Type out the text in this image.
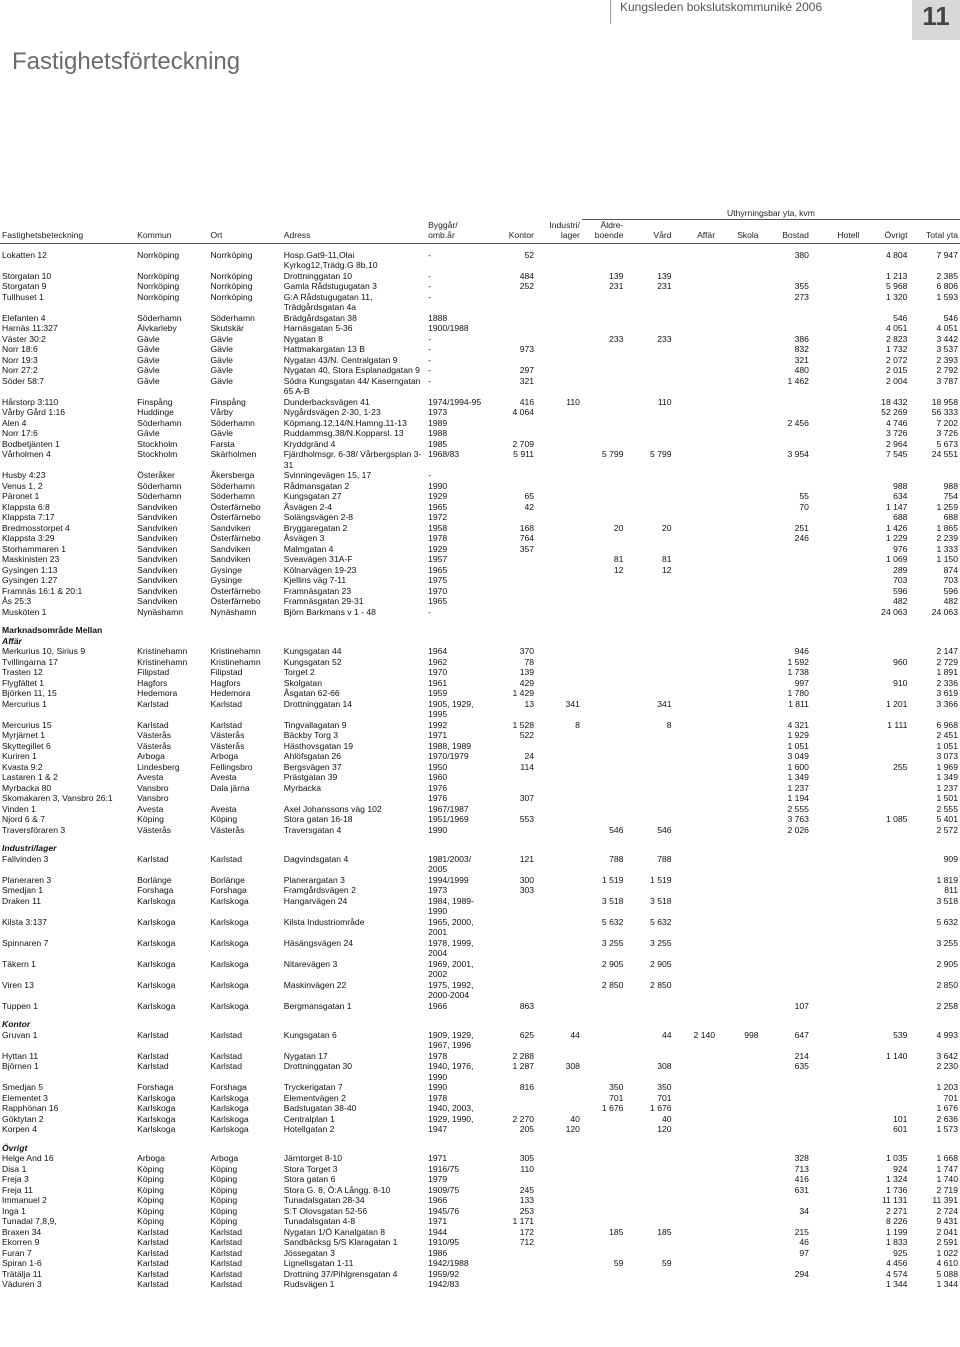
Kungsleden bokslutskommuniké 2006	11
Fastighetsförteckning
							Uthyrningsbar yta, kvm							
Fastighetsbeteckning	Kommun	Ort	Adress	Byggår/ omb.år	Kontor	Industri/ lager	Äldre- boende	Vård	Affär	Skola	Bostad	Hotell	Övrigt	Total yta
Lokatten 12	Norrköping	Norrköping	Hosp.Gat9-11,Olai Kyrkog12,Trädg.G 8b,10	-	52						380		4 804	7 947
Storgatan 10	Norrköping	Norrköping	Drottninggatan 10	-	484		139	139					1 213	2 385
Storgatan 9	Norrköping	Norrköping	Gamla Rådstugugatan 3	-	252		231	231			355		5 968	6 806
Tullhuset 1	Norrköping	Norrköping	G:A Rådstugugatan 11, Trädgårdsgatan 4a	-							273		1 320	1 593
Elefanten 4	Söderhamn	Söderhamn	Brädgårdsgatan 38	1888									546	546
Harnäs 11:327	Älvkarleby	Skutskär	Harnäsgatan 5-36	1900/1988									4 051	4 051
Väster 30:2	Gävle	Gävle	Nygatan 8	-			233	233			386		2 823	3 442
Norr 18:6	Gävle	Gävle	Hattmakargatan 13 B	-	973						832		1 732	3 537
Norr 19:3	Gävle	Gävle	Nygatan 43/N. Centralgatan 9	-							321		2 072	2 393
Norr 27:2	Gävle	Gävle	Nygatan 40, Stora Esplanadgatan 9	-	297						480		2 015	2 792
Söder 58:7	Gävle	Gävle	Södra Kungsgatan 44/ Kaserngatan 65 A-B	-	321						1 462		2 004	3 787
Hårstorp 3:110	Finspång	Finspång	Dunderbacksvägen 41	1974/1994-95	416	110		110					18 432	18 958
Vårby Gård 1:16	Huddinge	Vårby	Nygårdsvägen 2-30, 1-23	1973	4 064								52 269	56 333
Alen 4	Söderhamn	Söderhamn	Köpmang.12,14/N.Hamng.11-13	1989							2 456		4 746	7 202
Norr 17:6	Gävle	Gävle	Ruddammsg.38/N.Kopparsl. 13	1988									3 726	3 726
Bodbetjänten 1	Stockholm	Farsta	Kryddgränd 4	1985	2 709								2 964	5 673
Vårholmen 4	Stockholm	Skärholmen	Fjärdholmsgr. 6-38/ Vårbergsplan 3-31	1968/83	5 911		5 799	5 799			3 954		7 545	24 551
Husby 4:23	Österåker	Åkersberga	Svinningevägen 15, 17	-										
Venus 1, 2	Söderhamn	Söderhamn	Rådmansgatan 2	1990									988	988
Päronet 1	Söderhamn	Söderhamn	Kungsgatan 27	1929	65						55		634	754
Klappsta 6:8	Sandviken	Österfärnebo	Åsvägen 2-4	1965	42						70		1 147	1 259
Klappsta 7:17	Sandviken	Österfärnebo	Solängsvägen 2-8	1972									688	688
Bredmosstorpet 4	Sandviken	Sandviken	Bryggaregatan 2	1958	168		20	20			251		1 426	1 865
Klappsta 3:29	Sandviken	Österfärnebo	Åsvägen 3	1978	764						246		1 229	2 239
Storhammaren 1	Sandviken	Sandviken	Malmgatan 4	1929	357								976	1 333
Maskinisten 23	Sandviken	Sandviken	Sveavägen 31A-F	1957			81	81					1 069	1 150
Gysingen 1:13	Sandviken	Gysinge	Kölnarvägen 19-23	1965			12	12					289	874
Gysingen 1:27	Sandviken	Gysinge	Kjellins väg 7-11	1975									703	703
Framnäs 16:1 & 20:1	Sandviken	Österfärnebo	Framnäsgatan 23	1970									596	596
Ås 25:3	Sandviken	Österfärnebo	Framnäsgatan 29-31	1965									482	482
Musköten 1	Nynäshamn	Nynäshamn	Björn Barkmans v 1 - 48	-									24 063	24 063
Marknadsområde Mellan														
Affär														
Merkurius 10, Sirius 9	Kristinehamn	Kristinehamn	Kungsgatan 44	1964	370						946			2 147
Tvillingarna 17	Kristinehamn	Kristinehamn	Kungsgatan 52	1962	78						1 592		960	2 729
Trasten 12	Filipstad	Filipstad	Torget 2	1970	139						1 738			1 891
Flygfältet 1	Hagfors	Hagfors	Skolgatan	1961	429						997		910	2 336
Björken 11, 15	Hedemora	Hedemora	Åsgatan 62-66	1959	1 429						1 780			3 619
Mercurius 1	Karlstad	Karlstad	Drottninggatan 14	1905, 1929, 1995	13	341		341			1 811		1 201	3 366
Mercurius 15	Karlstad	Karlstad	Tingvallagatan 9	1992	1 528	8		8			4 321		1 111	6 968
Myrjärnet 1	Västerås	Västerås	Bäckby Torg 3	1971	522						1 929			2 451
Skyttegillet 6	Västerås	Västerås	Hästhovsgatan 19	1988, 1989							1 051			1 051
Kuriren 1	Arboga	Arboga	Ahlöfsgatan 26	1970/1979	24						3 049			3 073
Kvasta 9:2	Lindesberg	Fellingsbro	Bergsvägen 37	1950	114						1 600		255	1 969
Lastaren 1 & 2	Avesta	Avesta	Prästgatan 39	1960							1 349			1 349
Myrbacka 80	Vansbro	Dala järna	Myrbacka	1976							1 237			1 237
Skomakaren 3, Vansbro 26:1	Vansbro			1976	307						1 194			1 501
Vinden 1	Avesta	Avesta	Axel Johanssons väg 102	1967/1987							2 555			2 555
Njord 6 & 7	Köping	Köping	Stora gatan 16-18	1951/1969	553						3 763		1 085	5 401
Traversföraren 3	Västerås	Västerås	Traversgatan 4	1990			546	546			2 026			2 572

Industri/lager														
Fallvinden 3	Karlstad	Karlstad	Dagvindsgatan 4	1981/2003/ 2005	121		788	788						909
Planeraren 3	Borlänge	Borlänge	Planerargatan 3	1994/1999	300		1 519	1 519						1 819
Smedjan 1	Forshaga	Forshaga	Framgårdsvägen 2	1973	303									811
Draken 11	Karlskoga	Karlskoga	Hangarvägen 24	1984, 1989-1990			3 518	3 518						3 518
Kilsta 3:137	Karlskoga	Karlskoga	Kilsta Industriområde	1965, 2000, 2001			5 632	5 632						5 632
Spinnaren 7	Karlskoga	Karlskoga	Häsängsvägen 24	1978, 1999, 2004			3 255	3 255						3 255
Täkern 1	Karlskoga	Karlskoga	Nitarevägen 3	1969, 2001, 2002			2 905	2 905						2 905
Viren 13	Karlskoga	Karlskoga	Maskinvägen 22	1975, 1992, 2000-2004			2 850	2 850						2 850
Tuppen 1	Karlskoga	Karlskoga	Bergmansgatan 1	1966	863						107			2 258

Kontor														
Gruvan 1	Karlstad	Karlstad	Kungsgatan 6	1909, 1929, 1967, 1996	625	44		44	2 140	998	647		539	4 993
Hyttan 11	Karlstad	Karlstad	Nygatan 17	1978	2 288						214		1 140	3 642
Björnen 1	Karlstad	Karlstad	Drottninggatan 30	1940, 1976, 1990	1 287	308		308			635			2 230
Smedjan 5	Forshaga	Forshaga	Tryckerigatan 7	1990	816		350	350						1 203
Elementet 3	Karlskoga	Karlskoga	Elementvägen 2	1978			701	701						701
Rapphönan 16	Karlskoga	Karlskoga	Badstugatan 38-40	1940, 2003,			1 676	1 676						1 676
Göktytan 2	Karlskoga	Karlskoga	Centralplan 1	1929, 1990,	2 270	40		40					101	2 636
Korpen 4	Karlskoga	Karlskoga	Hotellgatan 2	1947	205	120		120					601	1 573

Övrigt														
Helge And 16	Arboga	Arboga	Järntorget 8-10	1971	305						328		1 035	1 668
Disa 1	Köping	Köping	Stora Torget 3	1916/75	110						713		924	1 747
Freja 3	Köping	Köping	Stora gatan 6	1979							416		1 324	1 740
Freja 11	Köping	Köping	Stora G. 8, Ö:A Långg. 8-10	1909/75	245						631		1 736	2 719
Immanuel 2	Köping	Köping	Tunadalsgatan 28-34	1966	133								11 131	11 391
Inga 1	Köping	Köping	S:T Olovsgatan 52-56	1945/76	253						34		2 271	2 724
Tunadal 7,8,9,	Köping	Köping	Tunadalsgatan 4-8	1971	1 171								8 226	9 431
Braxen 34	Karlstad	Karlstad	Nygatan 1/Ö Kanalgatan 8	1944	172		185	185			215		1 199	2 041
Ekorren 9	Karlstad	Karlstad	Sandbäcksg 5/S Klaragatan 1	1910/95	712						46		1 833	2 591
Furan 7	Karlstad	Karlstad	Jössegatan 3	1986							97		925	1 022
Spiran 1-6	Karlstad	Karlstad	Lignellsgatan 1-11	1942/1988			59	59					4 456	4 610
Trätälja 11	Karlstad	Karlstad	Drottning 37/Pihlgrensgatan 4	1959/92							294		4 574	5 088
Väduren 3	Karlstad	Karlstad	Rudsvägen 1	1942/83									1 344	1 344
